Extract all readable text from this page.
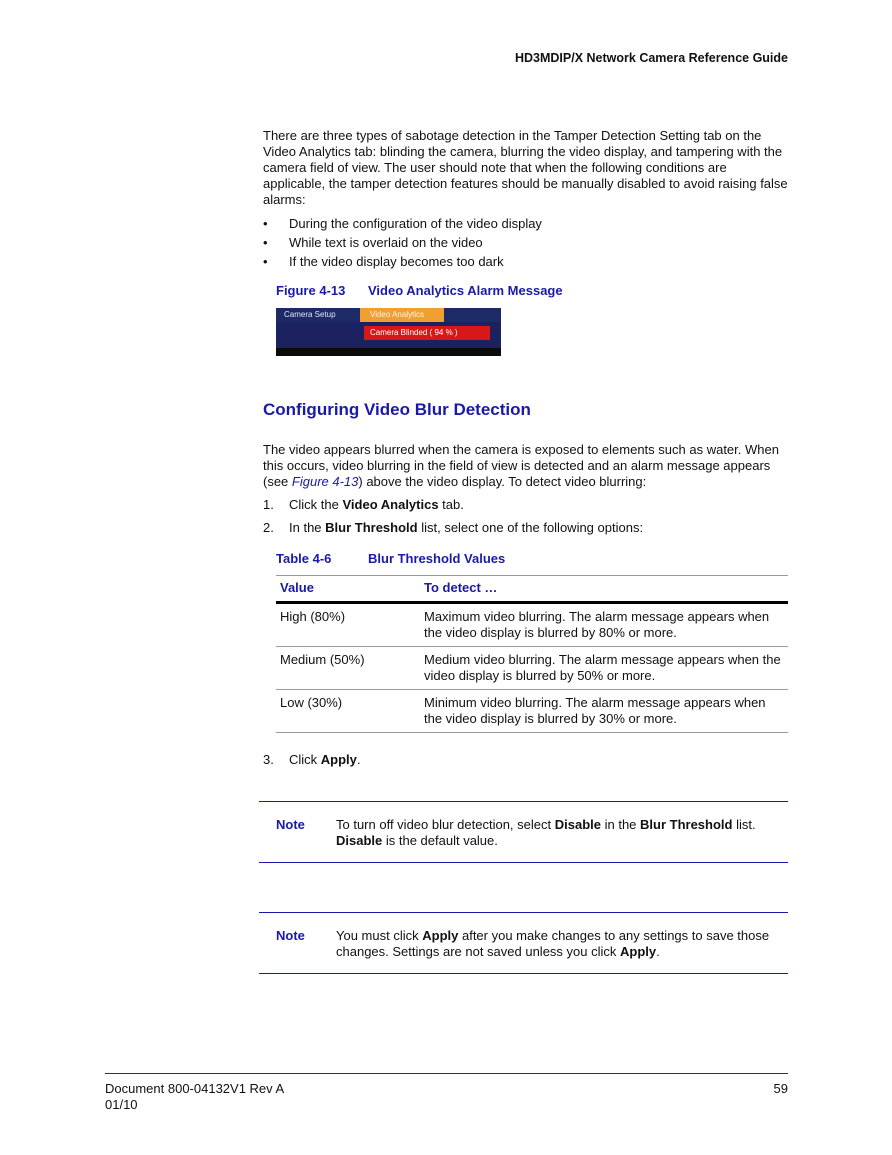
HD3MDIP/X Network Camera Reference Guide

There are three types of sabotage detection in the Tamper Detection Setting tab on the Video Analytics tab: blinding the camera, blurring the video display, and tampering with the camera field of view. The user should note that when the following conditions are applicable, the tamper detection features should be manually disabled to avoid raising false alarms:

• During the configuration of the video display
• While text is overlaid on the video
• If the video display becomes too dark
Figure 4-13 Video Analytics Alarm Message
Camera Setup	Video Analytics
Camera Blinded ( 94 % )
Configuring Video Blur Detection

The video appears blurred when the camera is exposed to elements such as water. When this occurs, video blurring in the field of view is detected and an alarm message appears (see Figure 4-13) above the video display. To detect video blurring:

1. Click the Video Analytics tab.
2. In the Blur Threshold list, select one of the following options:
Table 4-6	Blur Threshold Values
Value	To detect …
High (80%)	Maximum video blurring. The alarm message appears when the video display is blurred by 80% or more.
Medium (50%)	Medium video blurring. The alarm message appears when the video display is blurred by 50% or more.
Low (30%)	Minimum video blurring. The alarm message appears when the video display is blurred by 30% or more.
3. Click Apply.
Note To turn off video blur detection, select Disable in the Blur Threshold list. Disable is the default value.
Note You must click Apply after you make changes to any settings to save those changes. Settings are not saved unless you click Apply.
Document 800-04132V1 Rev A
01/10
59
